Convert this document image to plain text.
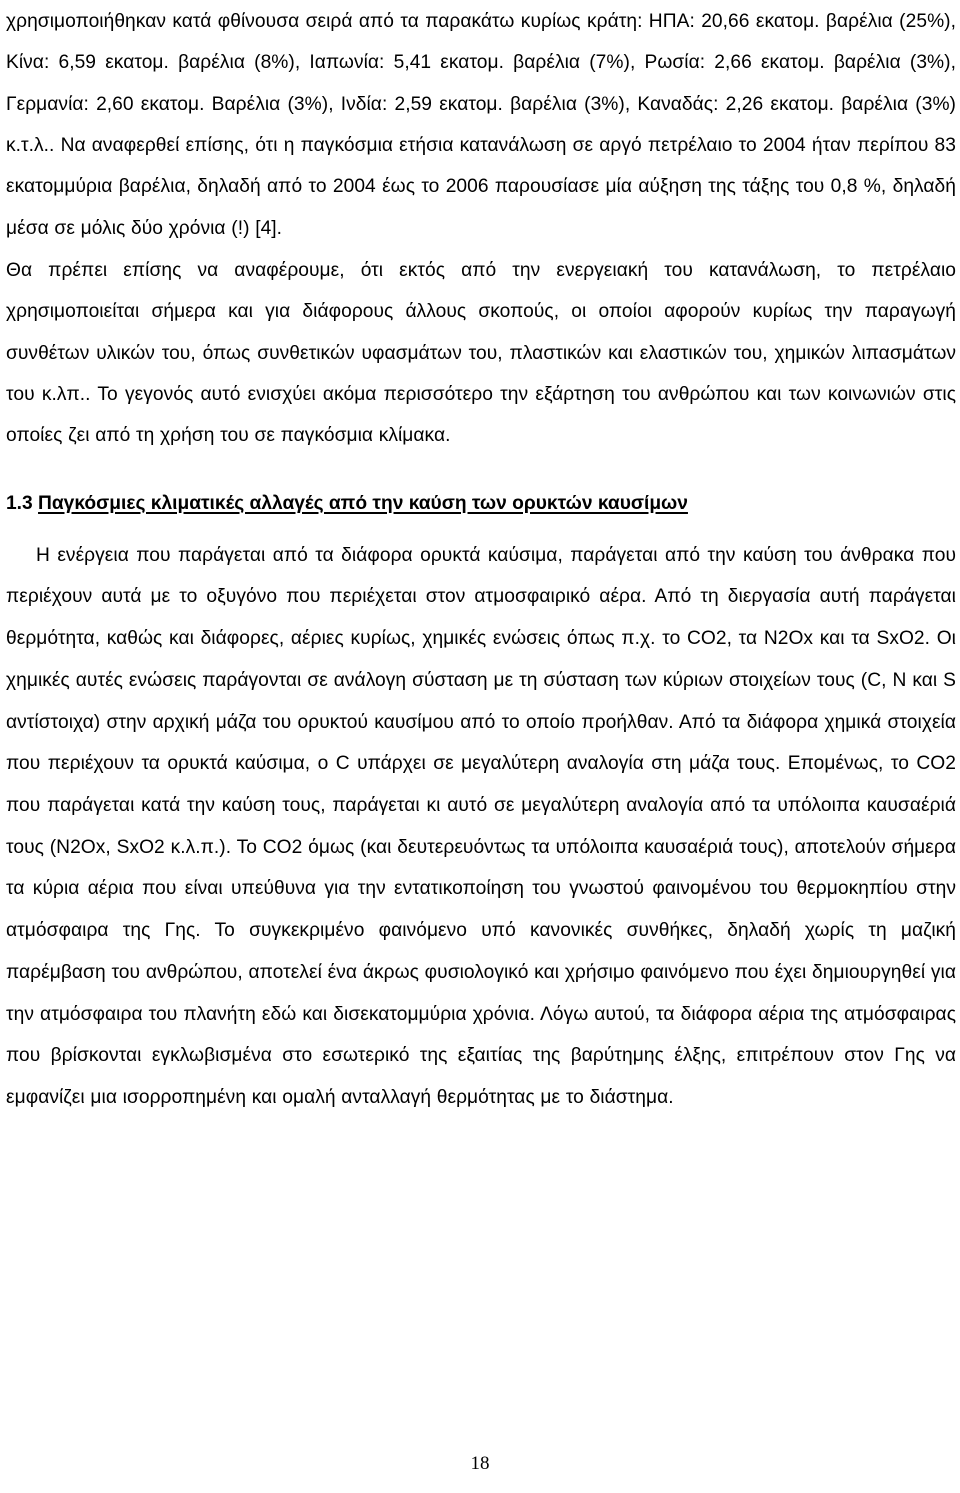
χρησιμοποιήθηκαν κατά φθίνουσα σειρά από τα παρακάτω κυρίως κράτη: ΗΠΑ: 20,66 εκατομ. βαρέλια (25%), Κίνα: 6,59 εκατομ. βαρέλια (8%), Ιαπωνία: 5,41 εκατομ. βαρέλια (7%), Ρωσία: 2,66 εκατομ. βαρέλια (3%), Γερμανία: 2,60 εκατομ. Βαρέλια (3%), Ινδία: 2,59 εκατομ. βαρέλια (3%), Καναδάς: 2,26 εκατομ. βαρέλια (3%) κ.τ.λ.. Να αναφερθεί επίσης, ότι η παγκόσμια ετήσια κατανάλωση σε αργό πετρέλαιο το 2004 ήταν περίπου 83 εκατομμύρια βαρέλια, δηλαδή από το 2004 έως το 2006 παρουσίασε μία αύξηση της τάξης του 0,8 %, δηλαδή μέσα σε μόλις δύο χρόνια (!) [4].

Θα πρέπει επίσης να αναφέρουμε, ότι εκτός από την ενεργειακή του κατανάλωση, το πετρέλαιο χρησιμοποιείται σήμερα και για διάφορους άλλους σκοπούς, οι οποίοι αφορούν κυρίως την παραγωγή συνθέτων υλικών του, όπως συνθετικών υφασμάτων του, πλαστικών και ελαστικών του, χημικών λιπασμάτων του κ.λπ.. Το γεγονός αυτό ενισχύει ακόμα περισσότερο την εξάρτηση του ανθρώπου και των κοινωνιών στις οποίες ζει από τη χρήση του σε παγκόσμια κλίμακα.

1.3 Παγκόσμιες κλιματικές αλλαγές από την καύση των ορυκτών καυσίμων

Η ενέργεια που παράγεται από τα διάφορα ορυκτά καύσιμα, παράγεται από την καύση του άνθρακα που περιέχουν αυτά με το οξυγόνο που περιέχεται στον ατμοσφαιρικό αέρα. Από τη διεργασία αυτή παράγεται θερμότητα, καθώς και διάφορες, αέριες κυρίως, χημικές ενώσεις όπως π.χ. το CO2, τα N2Ox και τα SxO2. Οι χημικές αυτές ενώσεις παράγονται σε ανάλογη σύσταση με τη σύσταση των κύριων στοιχείων τους (C, N και S αντίστοιχα) στην αρχική μάζα του ορυκτού καυσίμου από το οποίο προήλθαν. Από τα διάφορα χημικά στοιχεία που περιέχουν τα ορυκτά καύσιμα, ο C υπάρχει σε μεγαλύτερη αναλογία στη μάζα τους. Επομένως, το CO2 που παράγεται κατά την καύση τους, παράγεται κι αυτό σε μεγαλύτερη αναλογία από τα υπόλοιπα καυσαέριά τους (N2Ox, SxO2 κ.λ.π.). Το CO2 όμως (και δευτερευόντως τα υπόλοιπα καυσαέριά τους), αποτελούν σήμερα τα κύρια αέρια που είναι υπεύθυνα για την εντατικοποίηση του γνωστού φαινομένου του θερμοκηπίου στην ατμόσφαιρα της Γης. Το συγκεκριμένο φαινόμενο υπό κανονικές συνθήκες, δηλαδή χωρίς τη μαζική παρέμβαση του ανθρώπου, αποτελεί ένα άκρως φυσιολογικό και χρήσιμο φαινόμενο που έχει δημιουργηθεί για την ατμόσφαιρα του πλανήτη εδώ και δισεκατομμύρια χρόνια. Λόγω αυτού, τα διάφορα αέρια της ατμόσφαιρας που βρίσκονται εγκλωβισμένα στο εσωτερικό της εξαιτίας της βαρύτημης έλξης, επιτρέπουν στον Γης να εμφανίζει μια ισορροπημένη και ομαλή ανταλλαγή θερμότητας με το διάστημα.

18
